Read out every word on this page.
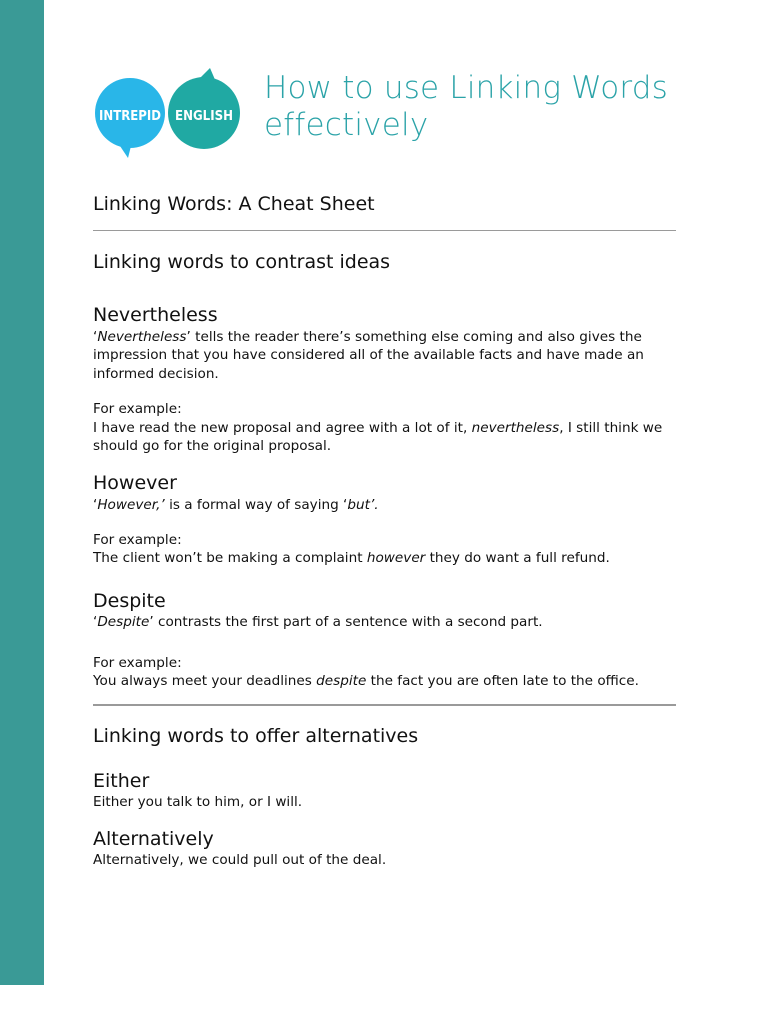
INTREPID ENGLISH
How to use Linking Words
effectively
Linking Words: A Cheat Sheet
Linking words to contrast ideas
Nevertheless
‘Nevertheless’ tells the reader there’s something else coming and also gives the impression that you have considered all of the available facts and have made an informed decision.
For example:
I have read the new proposal and agree with a lot of it, nevertheless, I still think we should go for the original proposal.
However
‘However,’ is a formal way of saying ‘but’.
For example:
The client won’t be making a complaint however they do want a full refund.
Despite
‘Despite’ contrasts the first part of a sentence with a second part.
For example:
You always meet your deadlines despite the fact you are often late to the office.
Linking words to offer alternatives
Either
Either you talk to him, or I will.
Alternatively
Alternatively, we could pull out of the deal.
